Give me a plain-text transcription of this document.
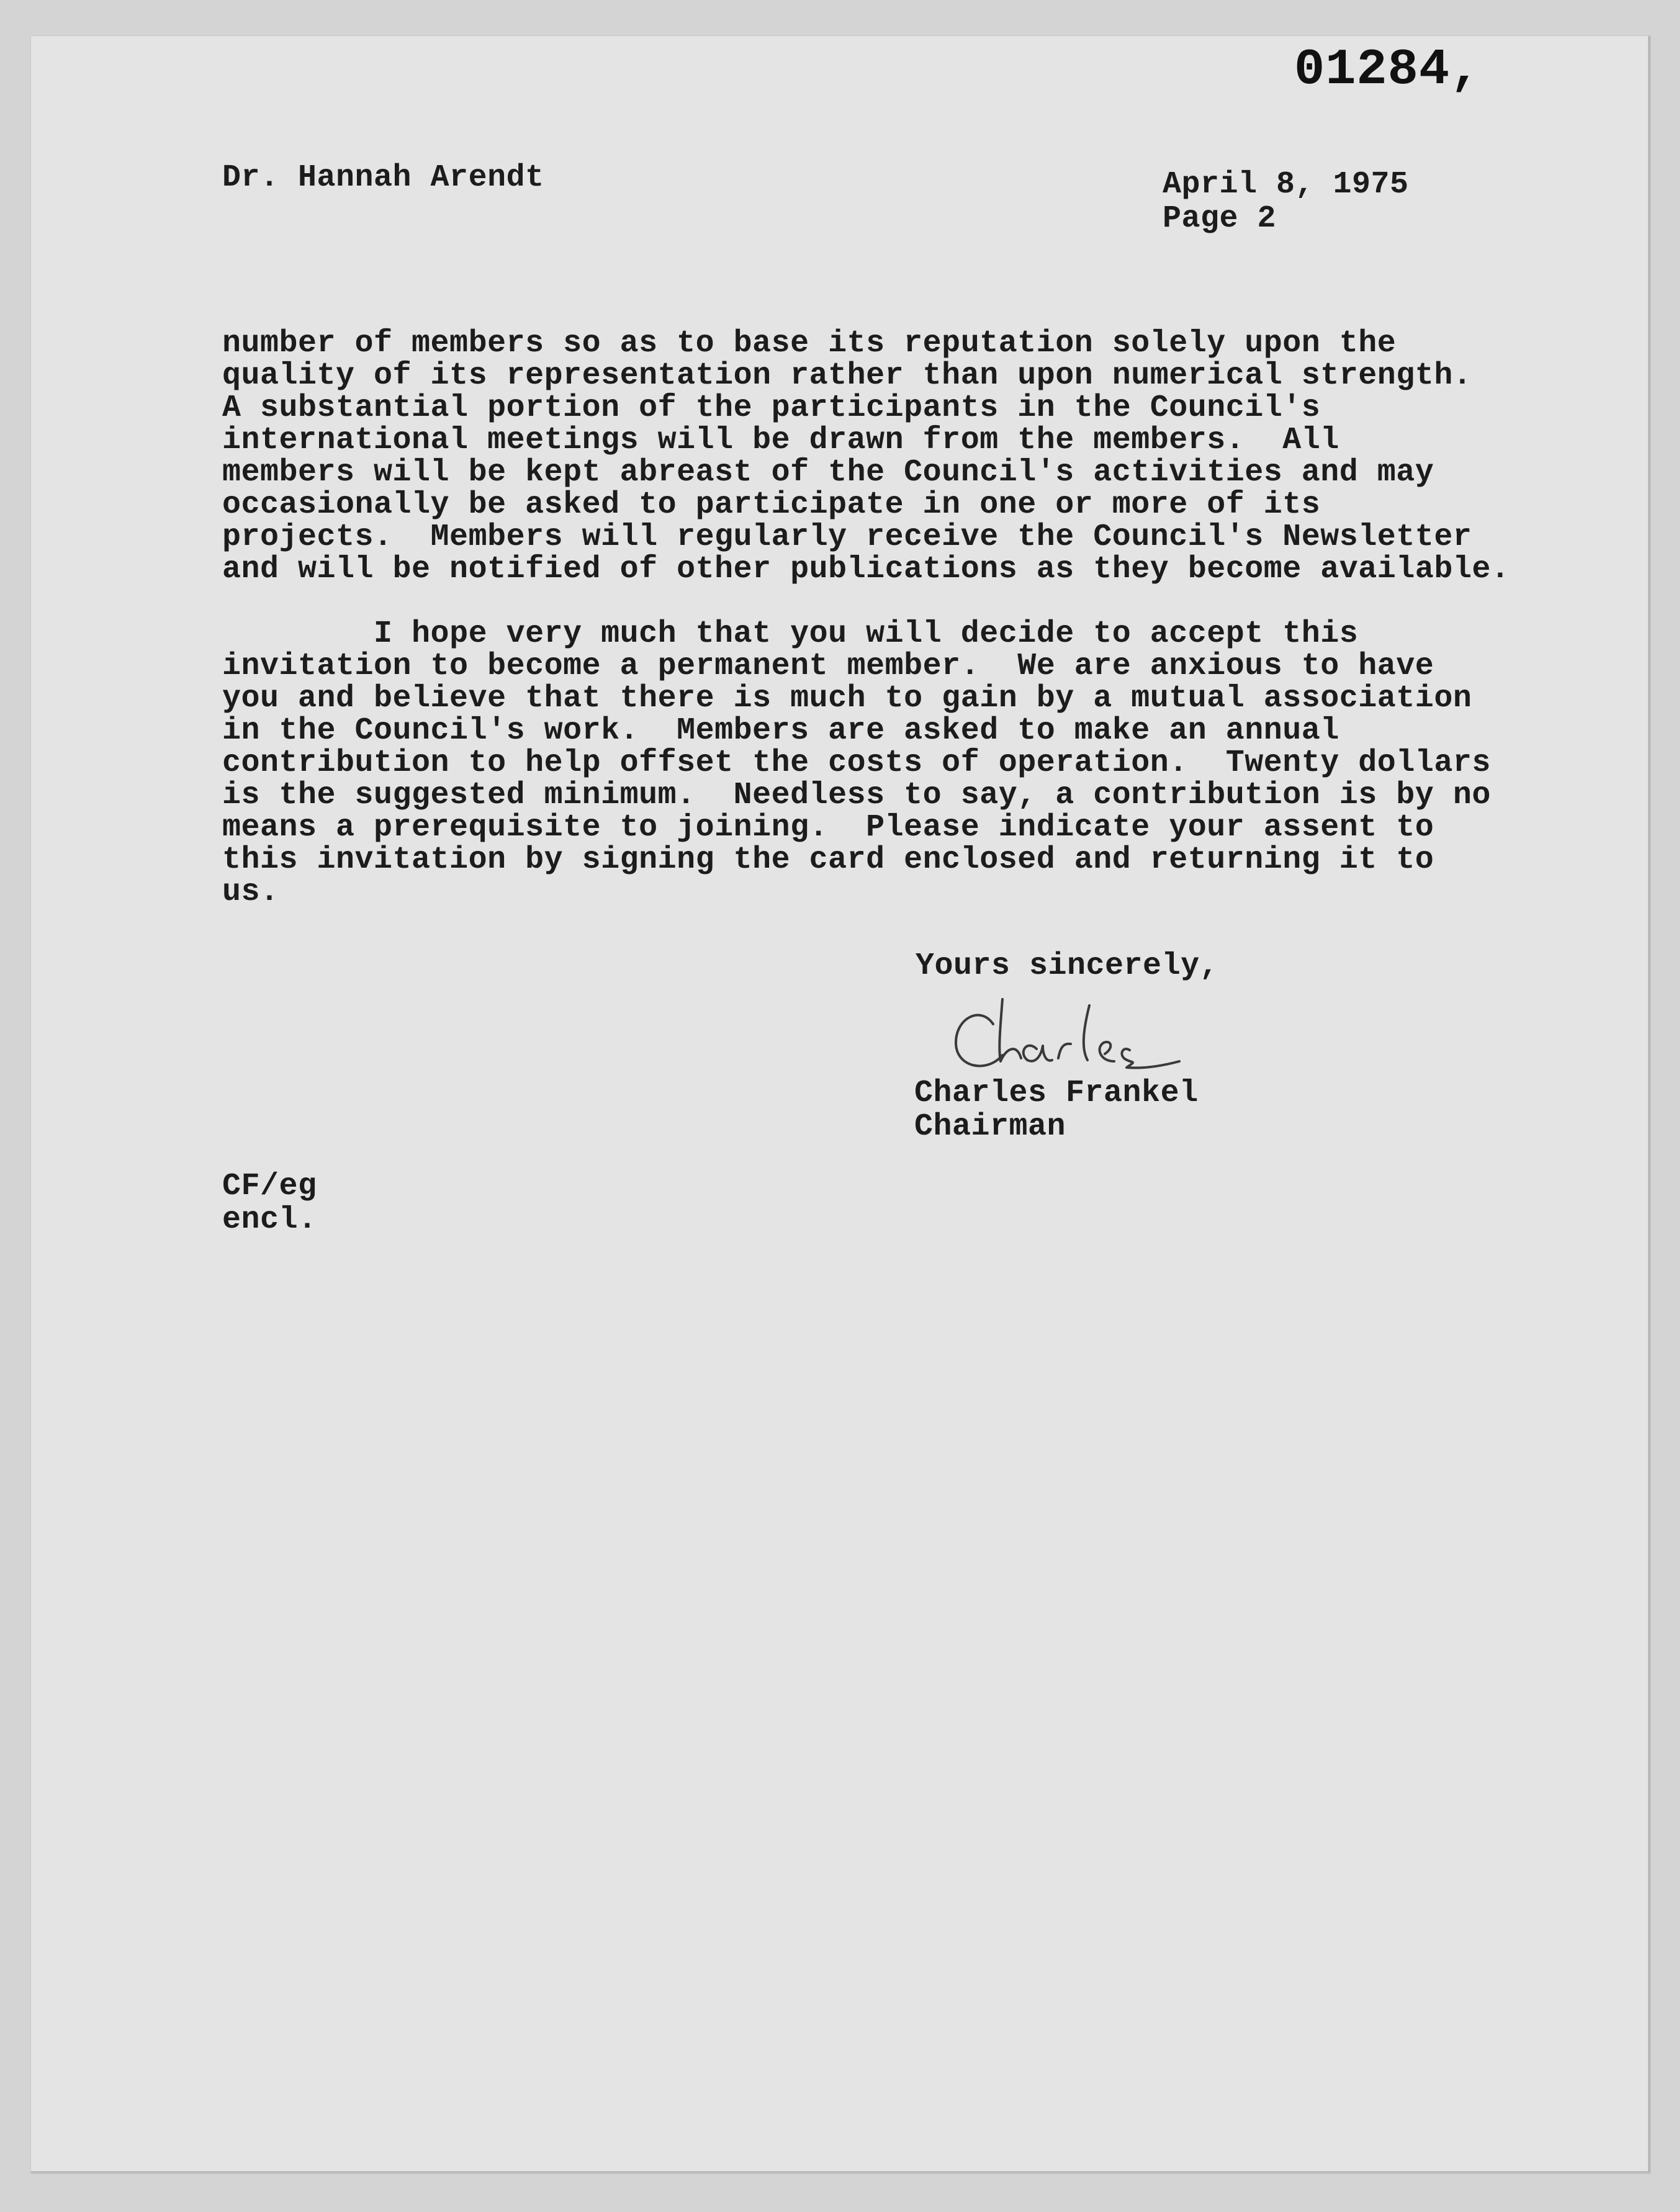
01284,
Dr. Hannah Arendt	April 8, 1975
Page 2

number of members so as to base its reputation solely upon the
quality of its representation rather than upon numerical strength.
A substantial portion of the participants in the Council's
international meetings will be drawn from the members.  All
members will be kept abreast of the Council's activities and may
occasionally be asked to participate in one or more of its
projects.  Members will regularly receive the Council's Newsletter
and will be notified of other publications as they become available.

I hope very much that you will decide to accept this
invitation to become a permanent member.  We are anxious to have
you and believe that there is much to gain by a mutual association
in the Council's work.  Members are asked to make an annual
contribution to help offset the costs of operation.  Twenty dollars
is the suggested minimum.  Needless to say, a contribution is by no
means a prerequisite to joining.  Please indicate your assent to
this invitation by signing the card enclosed and returning it to
us.

Yours sincerely,
Charles Frankel
Chairman
CF/eg
encl.
